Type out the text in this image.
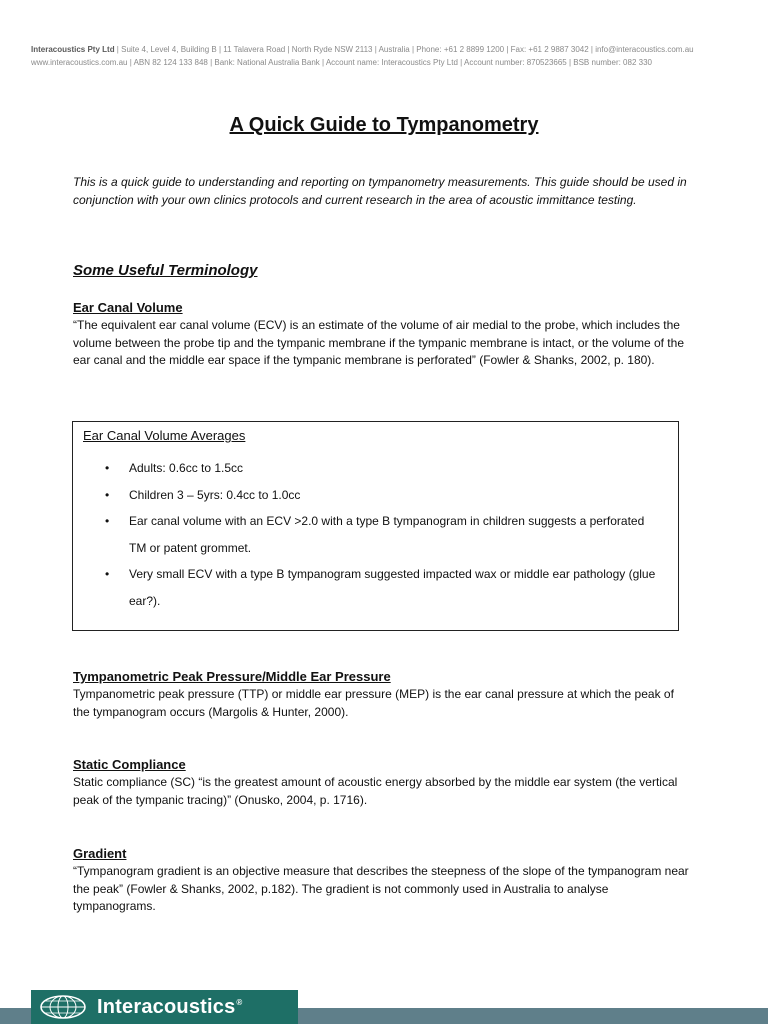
Interacoustics Pty Ltd | Suite 4, Level 4, Building B | 11 Talavera Road | North Ryde NSW 2113 | Australia | Phone: +61 2 8899 1200 | Fax: +61 2 9887 3042 | info@interacoustics.com.au
www.interacoustics.com.au | ABN 82 124 133 848 | Bank: National Australia Bank | Account name: Interacoustics Pty Ltd | Account number: 870523665 | BSB number: 082 330
A Quick Guide to Tympanometry
This is a quick guide to understanding and reporting on tympanometry measurements. This guide should be used in conjunction with your own clinics protocols and current research in the area of acoustic immittance testing.
Some Useful Terminology
Ear Canal Volume
“The equivalent ear canal volume (ECV) is an estimate of the volume of air medial to the probe, which includes the volume between the probe tip and the tympanic membrane if the tympanic membrane is intact, or the volume of the ear canal and the middle ear space if the tympanic membrane is perforated” (Fowler & Shanks, 2002, p. 180).
Ear Canal Volume Averages
• Adults: 0.6cc to 1.5cc
• Children 3 – 5yrs: 0.4cc to 1.0cc
• Ear canal volume with an ECV >2.0 with a type B tympanogram in children suggests a perforated TM or patent grommet.
• Very small ECV with a type B tympanogram suggested impacted wax or middle ear pathology (glue ear?).
Tympanometric Peak Pressure/Middle Ear Pressure
Tympanometric peak pressure (TTP) or middle ear pressure (MEP) is the ear canal pressure at which the peak of the tympanogram occurs (Margolis & Hunter, 2000).
Static Compliance
Static compliance (SC) “is the greatest amount of acoustic energy absorbed by the middle ear system (the vertical peak of the tympanic tracing)” (Onusko, 2004, p. 1716).
Gradient
“Tympanogram gradient is an objective measure that describes the steepness of the slope of the tympanogram near the peak” (Fowler & Shanks, 2002, p.182). The gradient is not commonly used in Australia to analyse tympanograms.
Interacoustics®
